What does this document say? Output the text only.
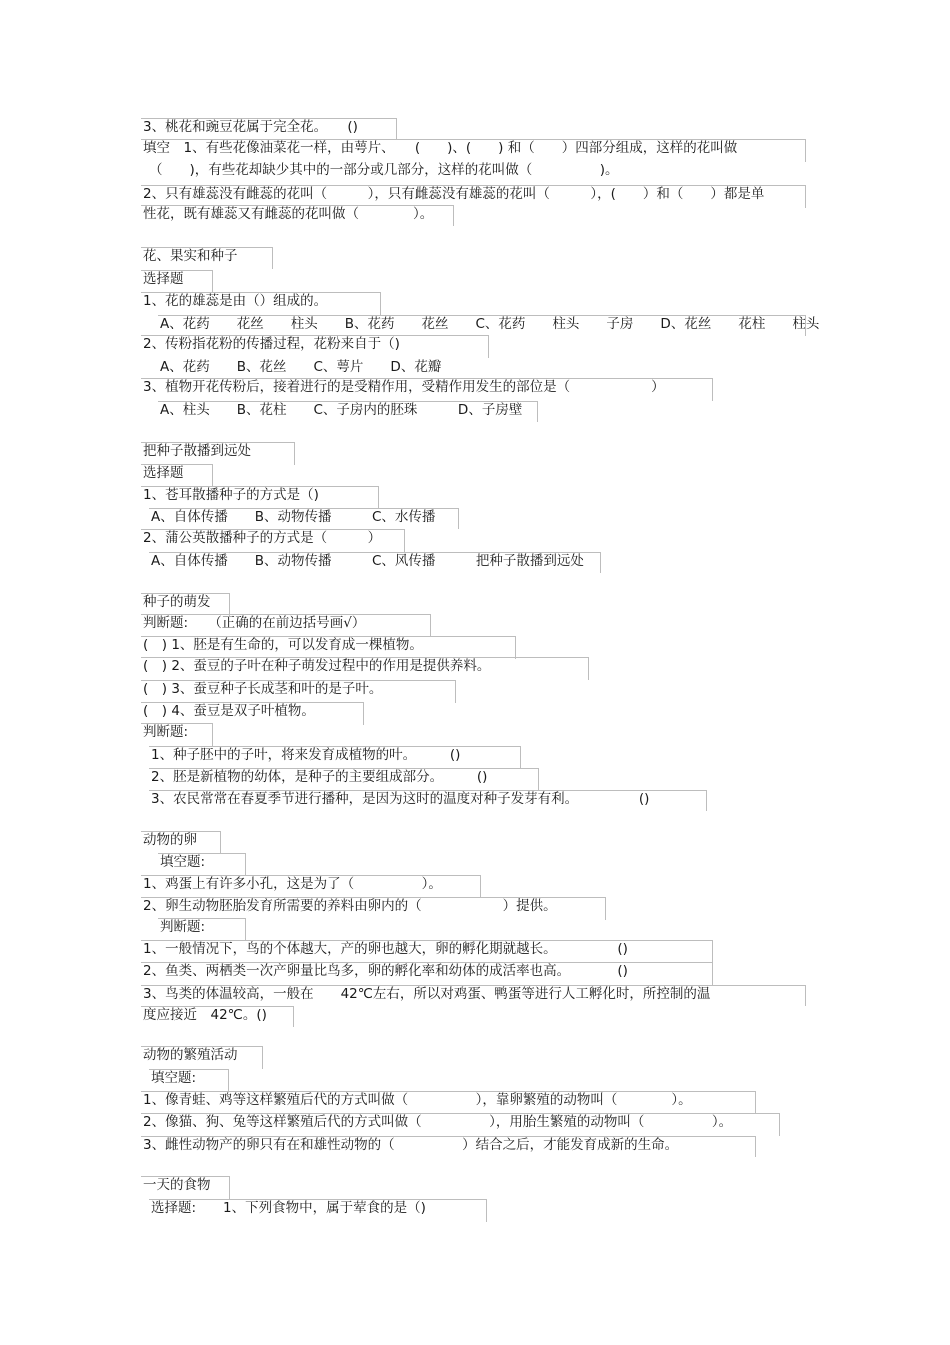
3、桃花和豌豆花属于完全花。　　()
填空　1、有些花像油菜花一样，由萼片、　　(　　)、(　　) 和（　　）四部分组成，这样的花叫做
（　　)，有些花却缺少其中的一部分或几部分，这样的花叫做（　　　　　)。
2、只有雄蕊没有雌蕊的花叫（　　　），只有雌蕊没有雄蕊的花叫（　　　），(　　）和（　　）都是单
性花，既有雄蕊又有雌蕊的花叫做（　　　　）。
花、果实和种子
选择题
1、花的雄蕊是由（）组成的。
A、花药　　花丝　　柱头　　B、花药　　花丝　　C、花药　　柱头　　子房　　D、花丝　　花柱　　柱头
2、传粉指花粉的传播过程，花粉来自于（)
A、花药　　B、花丝　　C、萼片　　D、花瓣
3、植物开花传粉后，接着进行的是受精作用，受精作用发生的部位是（　　　　　　）
A、柱头　　B、花柱　　C、子房内的胚珠　　　D、子房壁
把种子散播到远处
选择题
1、苍耳散播种子的方式是（)
A、自体传播　　B、动物传播　　　C、水传播
2、蒲公英散播种子的方式是（　　　）
A、自体传播　　B、动物传播　　　C、风传播　　　把种子散播到远处
种子的萌发
判断题:　　（正确的在前边括号画√）
(　) 1、胚是有生命的，可以发育成一棵植物。
(　) 2、蚕豆的子叶在种子萌发过程中的作用是提供养料。
(　) 3、蚕豆种子长成茎和叶的是子叶。
(　) 4、蚕豆是双子叶植物。
判断题:
1、种子胚中的子叶，将来发育成植物的叶。　　　()
2、胚是新植物的幼体，是种子的主要组成部分。　　　()
3、农民常常在春夏季节进行播种，是因为这时的温度对种子发芽有利。　　　　　()
动物的卵
填空题:
1、鸡蛋上有许多小孔，这是为了（　　　　　）。
2、卵生动物胚胎发育所需要的养料由卵内的（　　　　　　）提供。
判断题:
1、一般情况下，鸟的个体越大，产的卵也越大，卵的孵化期就越长。　　　　　()
2、鱼类、两栖类一次产卵量比鸟多，卵的孵化率和幼体的成活率也高。　　　　()
3、鸟类的体温较高，一般在　　42℃左右，所以对鸡蛋、鸭蛋等进行人工孵化时，所控制的温
度应接近　42℃。()
动物的繁殖活动
填空题:
1、像青蛙、鸡等这样繁殖后代的方式叫做（　　　　　），靠卵繁殖的动物叫（　　　　）。
2、像猫、狗、兔等这样繁殖后代的方式叫做（　　　　　），用胎生繁殖的动物叫（　　　　　）。
3、雌性动物产的卵只有在和雄性动物的（　　　　　）结合之后，才能发育成新的生命。
一天的食物
选择题:　　1、下列食物中，属于荤食的是（)
